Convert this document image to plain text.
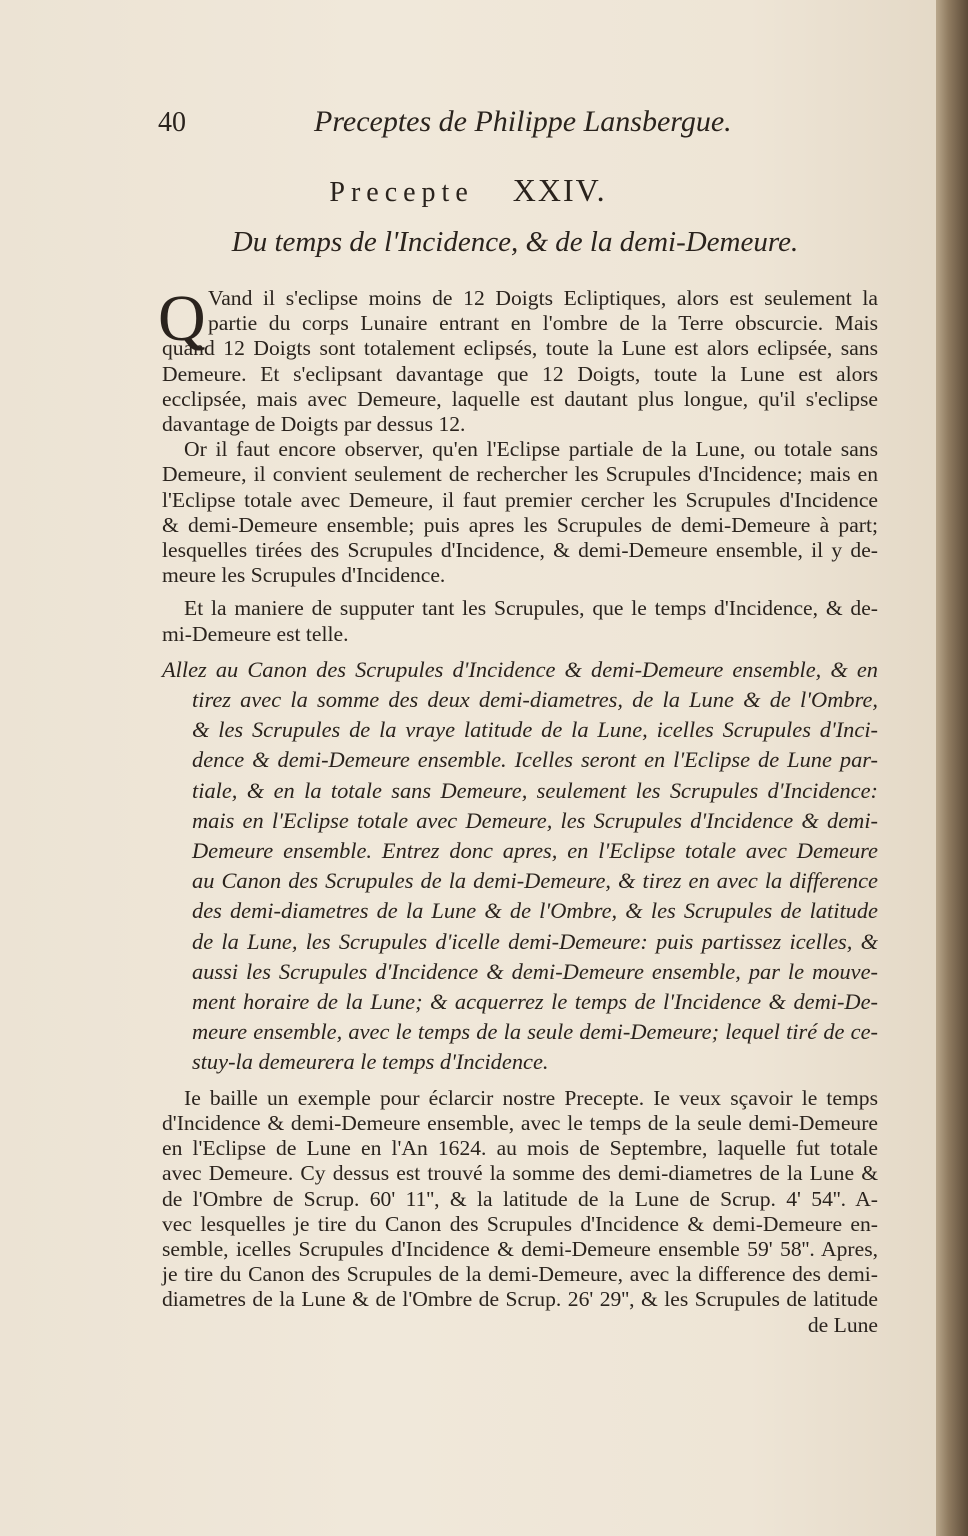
40	Preceptes de Philippe Lansbergue.
Precepte XXIV.
Du temps de l'Incidence, & de la demi-Demeure.
Q Vand il s'eclipse moins de 12 Doigts Ecliptiques, alors est seulement la
partie du corps Lunaire entrant en l'ombre de la Terre obscurcie. Mais
quand 12 Doigts sont totalement eclipsés, toute la Lune est alors eclipsée, sans
Demeure. Et s'eclipsant davantage que 12 Doigts, toute la Lune est alors
ecclipsée, mais avec Demeure, laquelle est dautant plus longue, qu'il s'eclipse
davantage de Doigts par dessus 12.
Or il faut encore observer, qu'en l'Eclipse partiale de la Lune, ou totale sans
Demeure, il convient seulement de rechercher les Scrupules d'Incidence; mais en
l'Eclipse totale avec Demeure, il faut premier cercher les Scrupules d'Incidence
& demi-Demeure ensemble; puis apres les Scrupules de demi-Demeure à part;
lesquelles tirées des Scrupules d'Incidence, & demi-Demeure ensemble, il y de-
meure les Scrupules d'Incidence.
Et la maniere de supputer tant les Scrupules, que le temps d'Incidence, & de-
mi-Demeure est telle.
Allez au Canon des Scrupules d'Incidence & demi-Demeure ensemble, & en
tirez avec la somme des deux demi-diametres, de la Lune & de l'Ombre,
& les Scrupules de la vraye latitude de la Lune, icelles Scrupules d'Inci-
dence & demi-Demeure ensemble. Icelles seront en l'Eclipse de Lune par-
tiale, & en la totale sans Demeure, seulement les Scrupules d'Incidence:
mais en l'Eclipse totale avec Demeure, les Scrupules d'Incidence & demi-
Demeure ensemble. Entrez donc apres, en l'Eclipse totale avec Demeure
au Canon des Scrupules de la demi-Demeure, & tirez en avec la difference
des demi-diametres de la Lune & de l'Ombre, & les Scrupules de latitude
de la Lune, les Scrupules d'icelle demi-Demeure: puis partissez icelles, &
aussi les Scrupules d'Incidence & demi-Demeure ensemble, par le mouve-
ment horaire de la Lune; & acquerrez le temps de l'Incidence & demi-De-
meure ensemble, avec le temps de la seule demi-Demeure; lequel tiré de ce-
stuy-la demeurera le temps d'Incidence.
Ie baille un exemple pour éclarcir nostre Precepte. Ie veux sçavoir le temps
d'Incidence & demi-Demeure ensemble, avec le temps de la seule demi-Demeure
en l'Eclipse de Lune en l'An 1624. au mois de Septembre, laquelle fut totale
avec Demeure. Cy dessus est trouvé la somme des demi-diametres de la Lune &
de l'Ombre de Scrup. 60' 11'', & la latitude de la Lune de Scrup. 4' 54''. A-
vec lesquelles je tire du Canon des Scrupules d'Incidence & demi-Demeure en-
semble, icelles Scrupules d'Incidence & demi-Demeure ensemble 59' 58''. Apres,
je tire du Canon des Scrupules de la demi-Demeure, avec la difference des demi-
diametres de la Lune & de l'Ombre de Scrup. 26' 29'', & les Scrupules de latitude
de Lune
